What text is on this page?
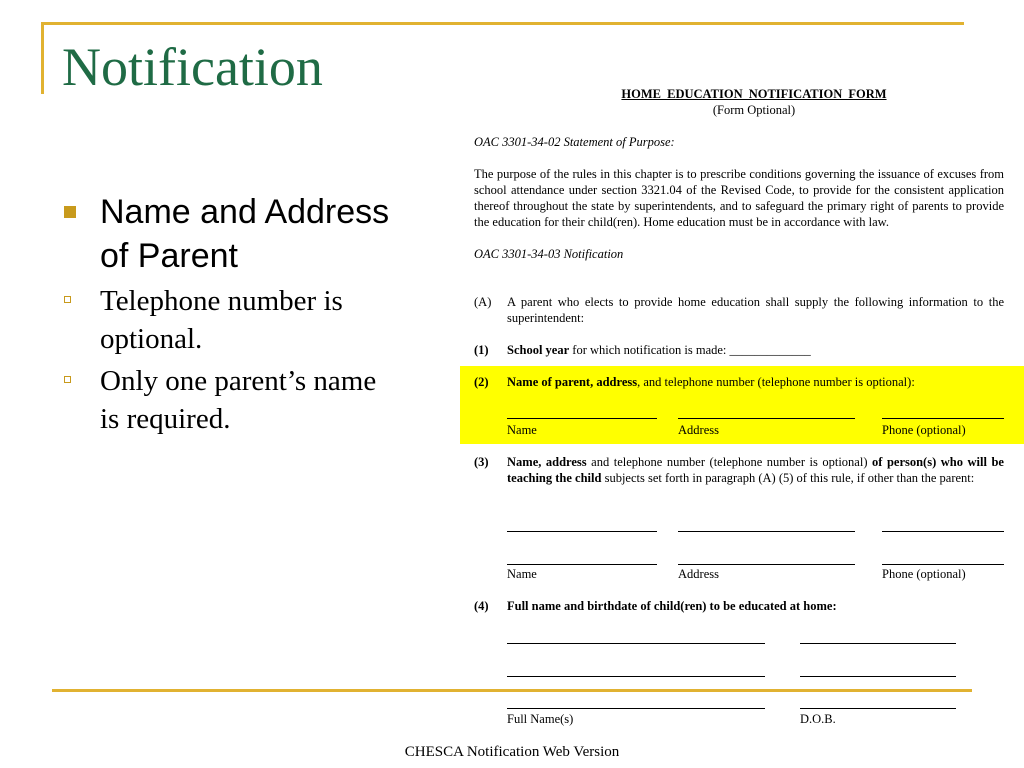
Notification
Name and Address of Parent
Telephone number is optional.
Only one parent’s name is required.
HOME EDUCATION NOTIFICATION FORM
(Form Optional)
OAC 3301-34-02 Statement of Purpose:
The purpose of the rules in this chapter is to prescribe conditions governing the issuance of excuses from school attendance under section 3321.04 of the Revised Code, to provide for the consistent application thereof throughout the state by superintendents, and to safeguard the primary right of parents to provide the education for their child(ren). Home education must be in accordance with law.
OAC 3301-34-03 Notification
(A)	A parent who elects to provide home education shall supply the following information to the superintendent:
(1)	School year for which notification is made: _____________
(2)	Name of parent, address, and telephone number (telephone number is optional):
Name	Address	Phone (optional)
(3)	Name, address and telephone number (telephone number is optional) of person(s) who will be teaching the child subjects set forth in paragraph (A) (5) of this rule, if other than the parent:
Name	Address	Phone (optional)
(4)	Full name and birthdate of child(ren) to be educated at home:
Full Name(s)	D.O.B.
CHESCA Notification Web Version
